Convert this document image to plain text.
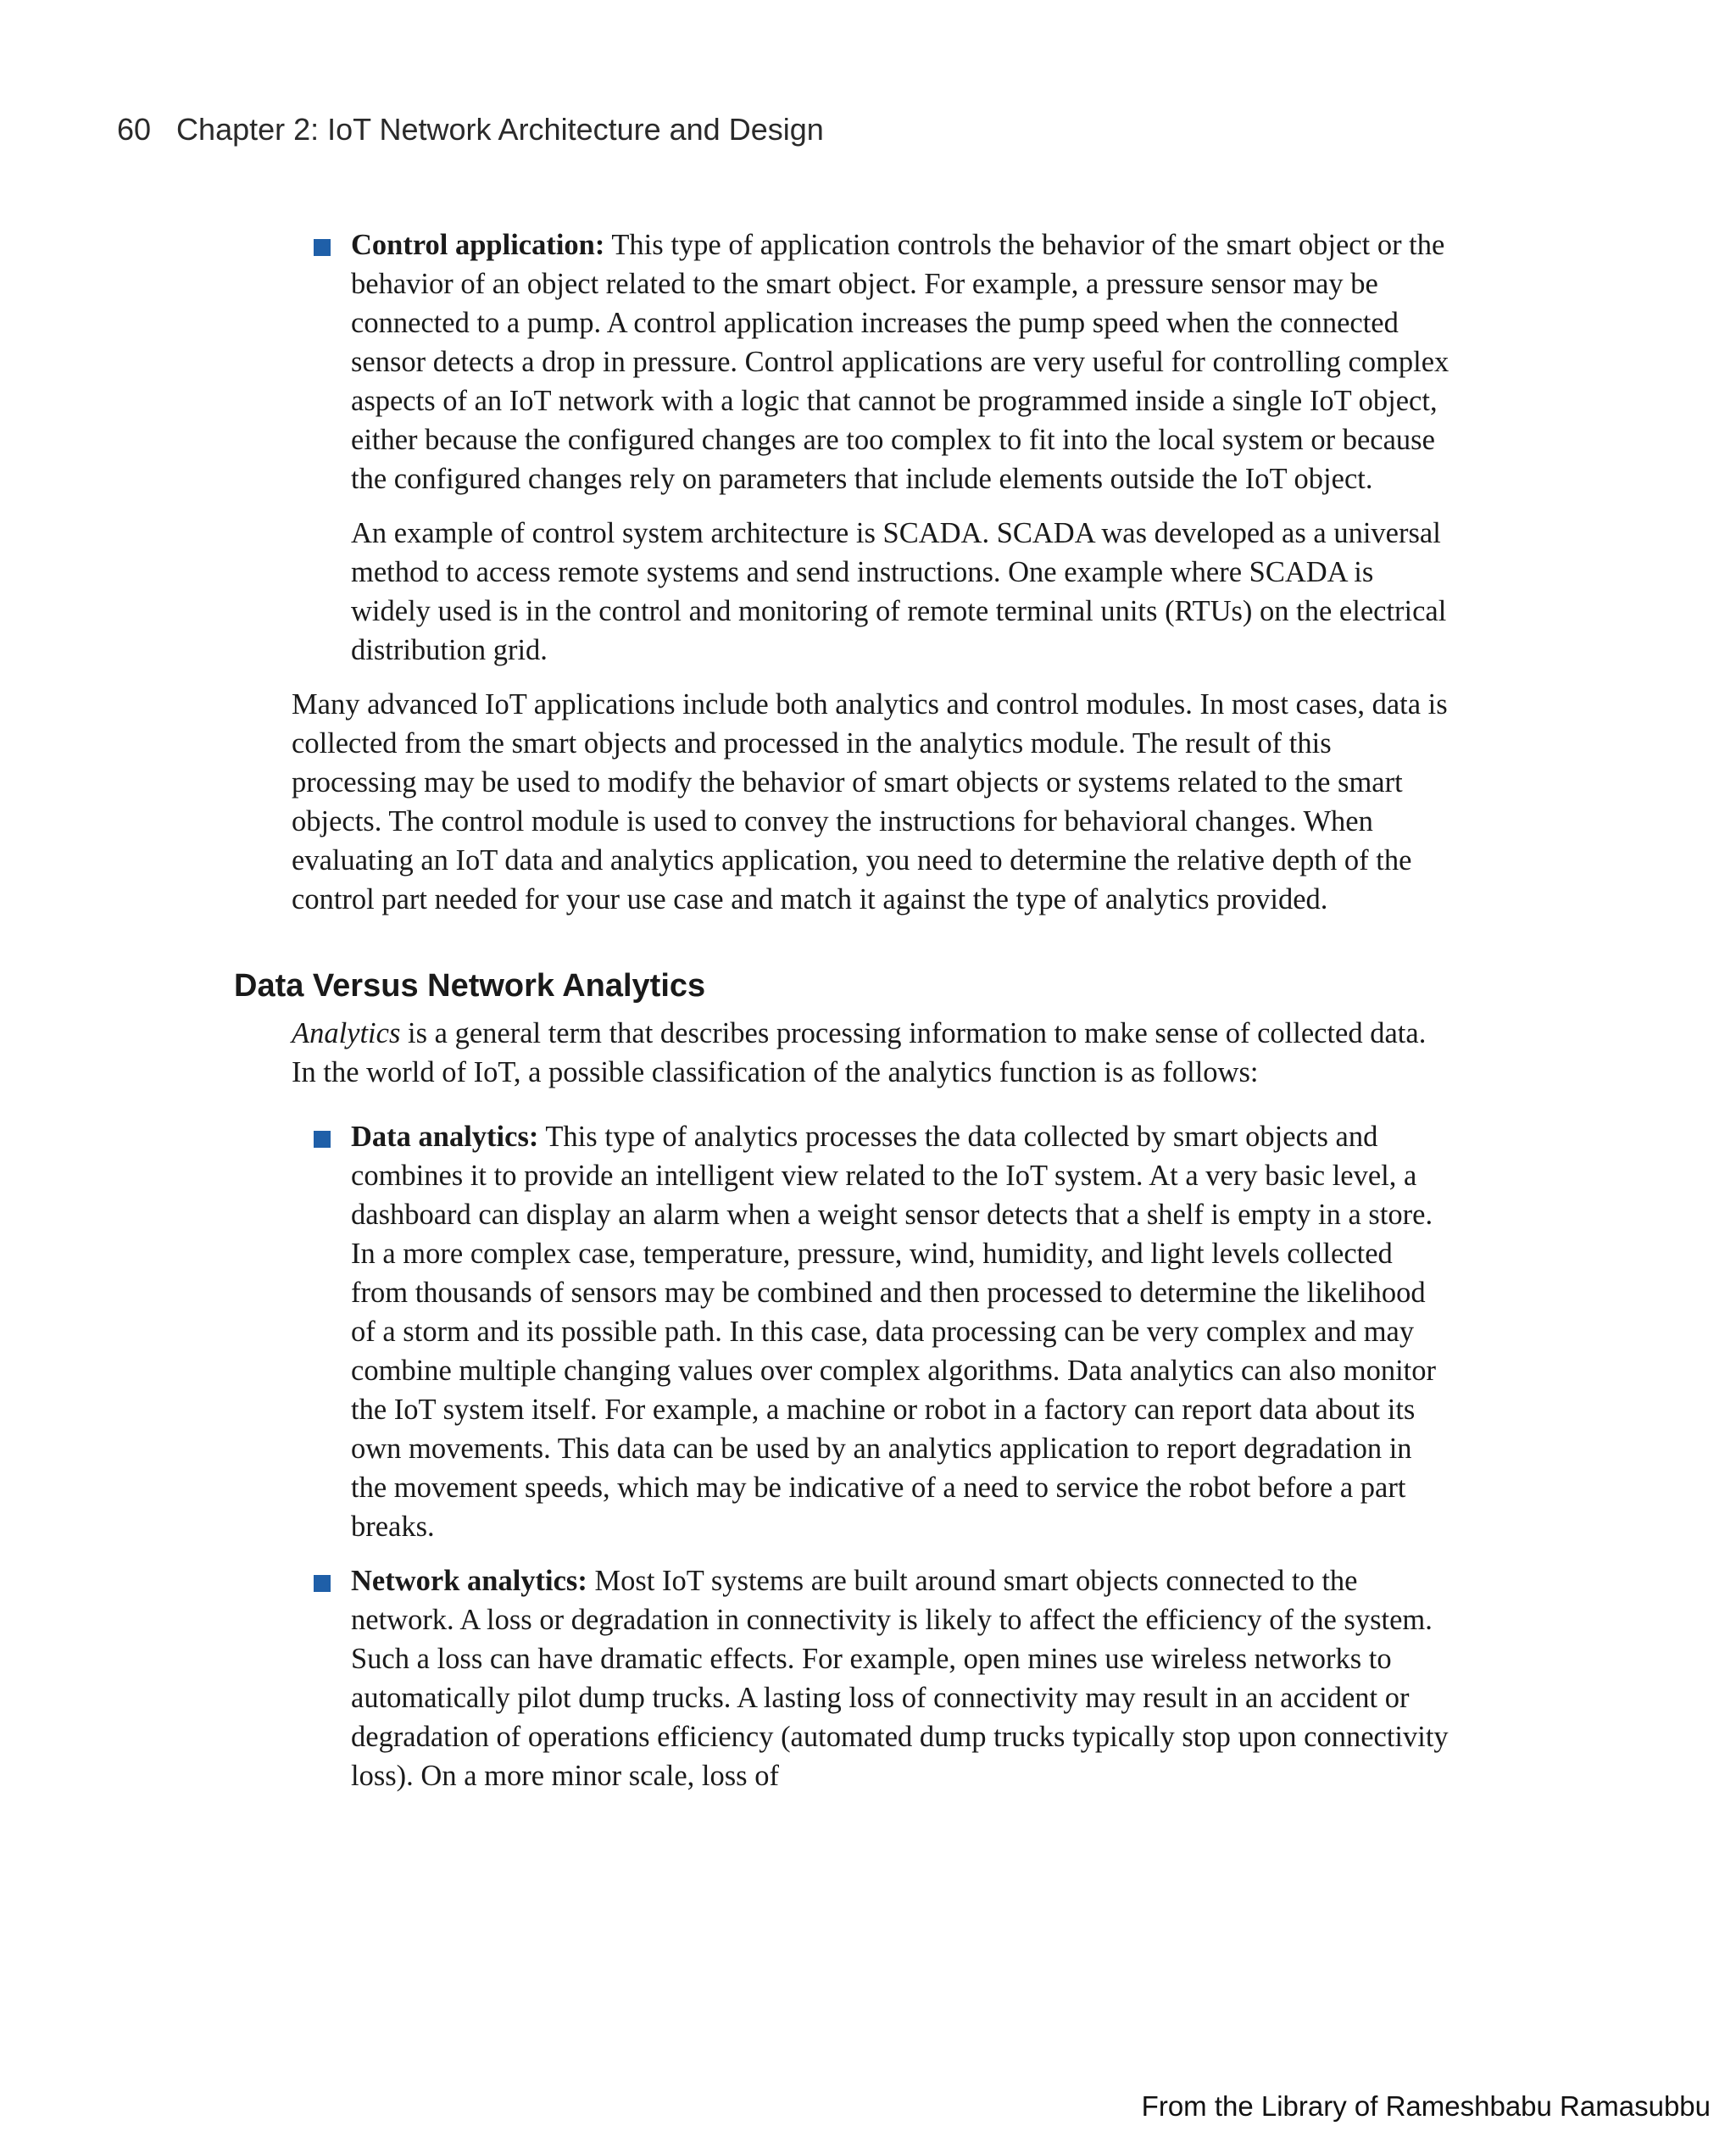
60 Chapter 2: IoT Network Architecture and Design
Control application: This type of application controls the behavior of the smart object or the behavior of an object related to the smart object. For example, a pressure sensor may be connected to a pump. A control application increases the pump speed when the connected sensor detects a drop in pressure. Control applications are very useful for controlling complex aspects of an IoT network with a logic that cannot be programmed inside a single IoT object, either because the configured changes are too complex to fit into the local system or because the configured changes rely on parameters that include elements outside the IoT object.

An example of control system architecture is SCADA. SCADA was developed as a universal method to access remote systems and send instructions. One example where SCADA is widely used is in the control and monitoring of remote terminal units (RTUs) on the electrical distribution grid.

Many advanced IoT applications include both analytics and control modules. In most cases, data is collected from the smart objects and processed in the analytics module. The result of this processing may be used to modify the behavior of smart objects or systems related to the smart objects. The control module is used to convey the instructions for behavioral changes. When evaluating an IoT data and analytics application, you need to determine the relative depth of the control part needed for your use case and match it against the type of analytics provided.

Data Versus Network Analytics

Analytics is a general term that describes processing information to make sense of collected data. In the world of IoT, a possible classification of the analytics function is as follows:

Data analytics: This type of analytics processes the data collected by smart objects and combines it to provide an intelligent view related to the IoT system. At a very basic level, a dashboard can display an alarm when a weight sensor detects that a shelf is empty in a store. In a more complex case, temperature, pressure, wind, humidity, and light levels collected from thousands of sensors may be combined and then processed to determine the likelihood of a storm and its possible path. In this case, data processing can be very complex and may combine multiple changing values over complex algorithms. Data analytics can also monitor the IoT system itself. For example, a machine or robot in a factory can report data about its own movements. This data can be used by an analytics application to report degradation in the movement speeds, which may be indicative of a need to service the robot before a part breaks.
Network analytics: Most IoT systems are built around smart objects connected to the network. A loss or degradation in connectivity is likely to affect the efficiency of the system. Such a loss can have dramatic effects. For example, open mines use wireless networks to automatically pilot dump trucks. A lasting loss of connectivity may result in an accident or degradation of operations efficiency (automated dump trucks typically stop upon connectivity loss). On a more minor scale, loss of
From the Library of Rameshbabu Ramasubbu
